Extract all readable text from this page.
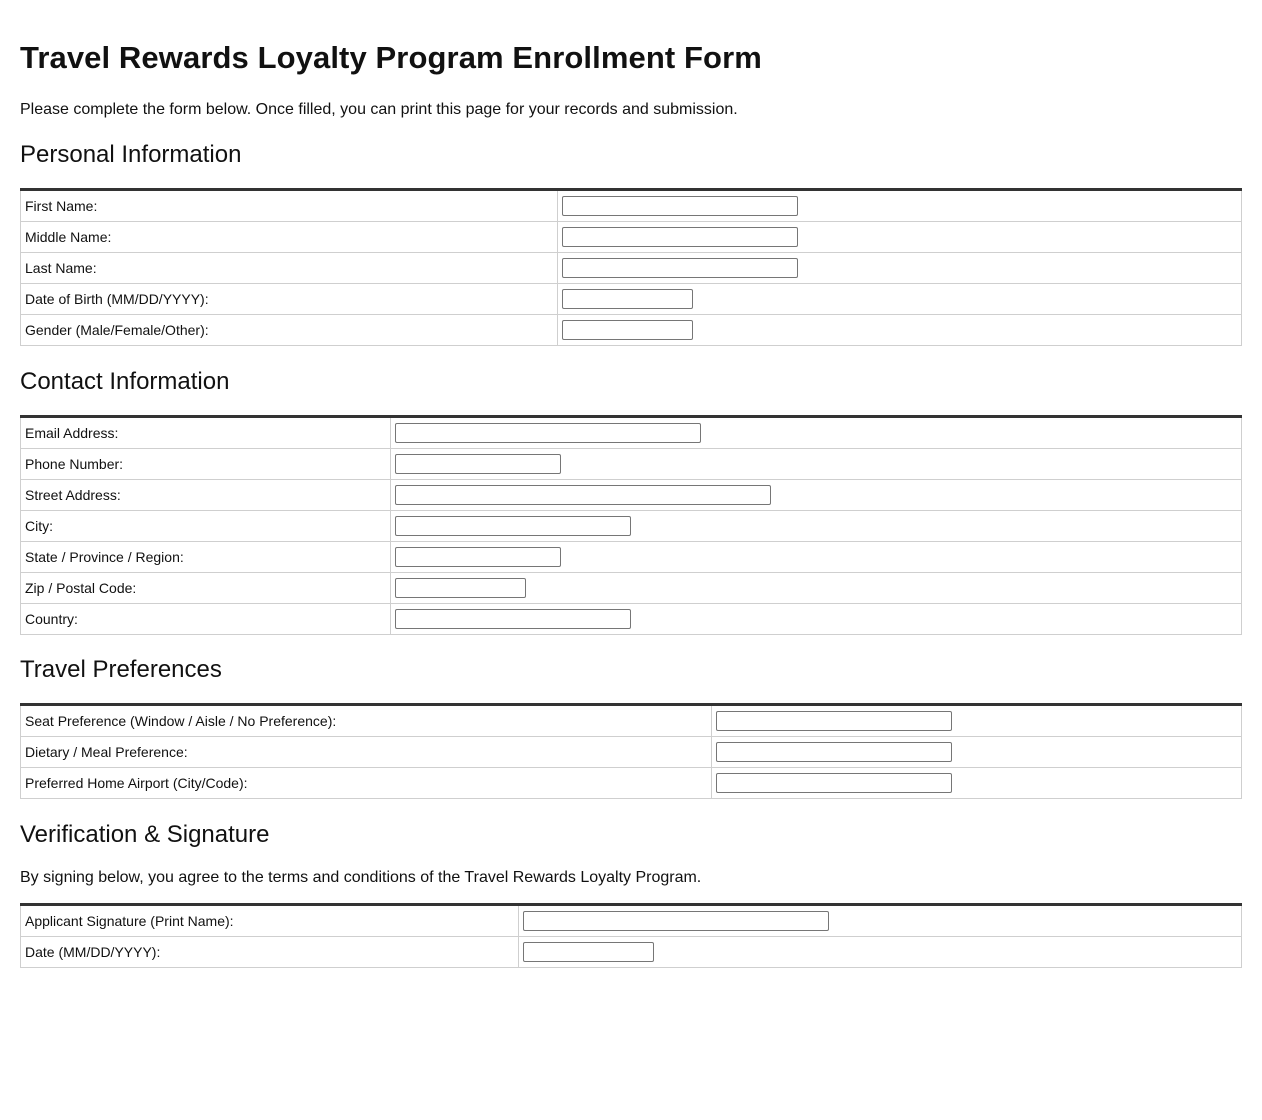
Travel Rewards Loyalty Program Enrollment Form

Please complete the form below. Once filled, you can print this page for your records and submission.

Personal Information
First Name:	

Middle Name:	

Last Name:	

Date of Birth (MM/DD/YYYY):	

Gender (Male/Female/Other):	
Contact Information
Email Address:	

Phone Number:	

Street Address:	

City:	

State / Province / Region:	

Zip / Postal Code:	

Country:	
Travel Preferences
Seat Preference (Window / Aisle / No Preference):	

Dietary / Meal Preference:	

Preferred Home Airport (City/Code):	
Verification & Signature

By signing below, you agree to the terms and conditions of the Travel Rewards Loyalty Program.

Applicant Signature (Print Name):	

Date (MM/DD/YYYY):	
